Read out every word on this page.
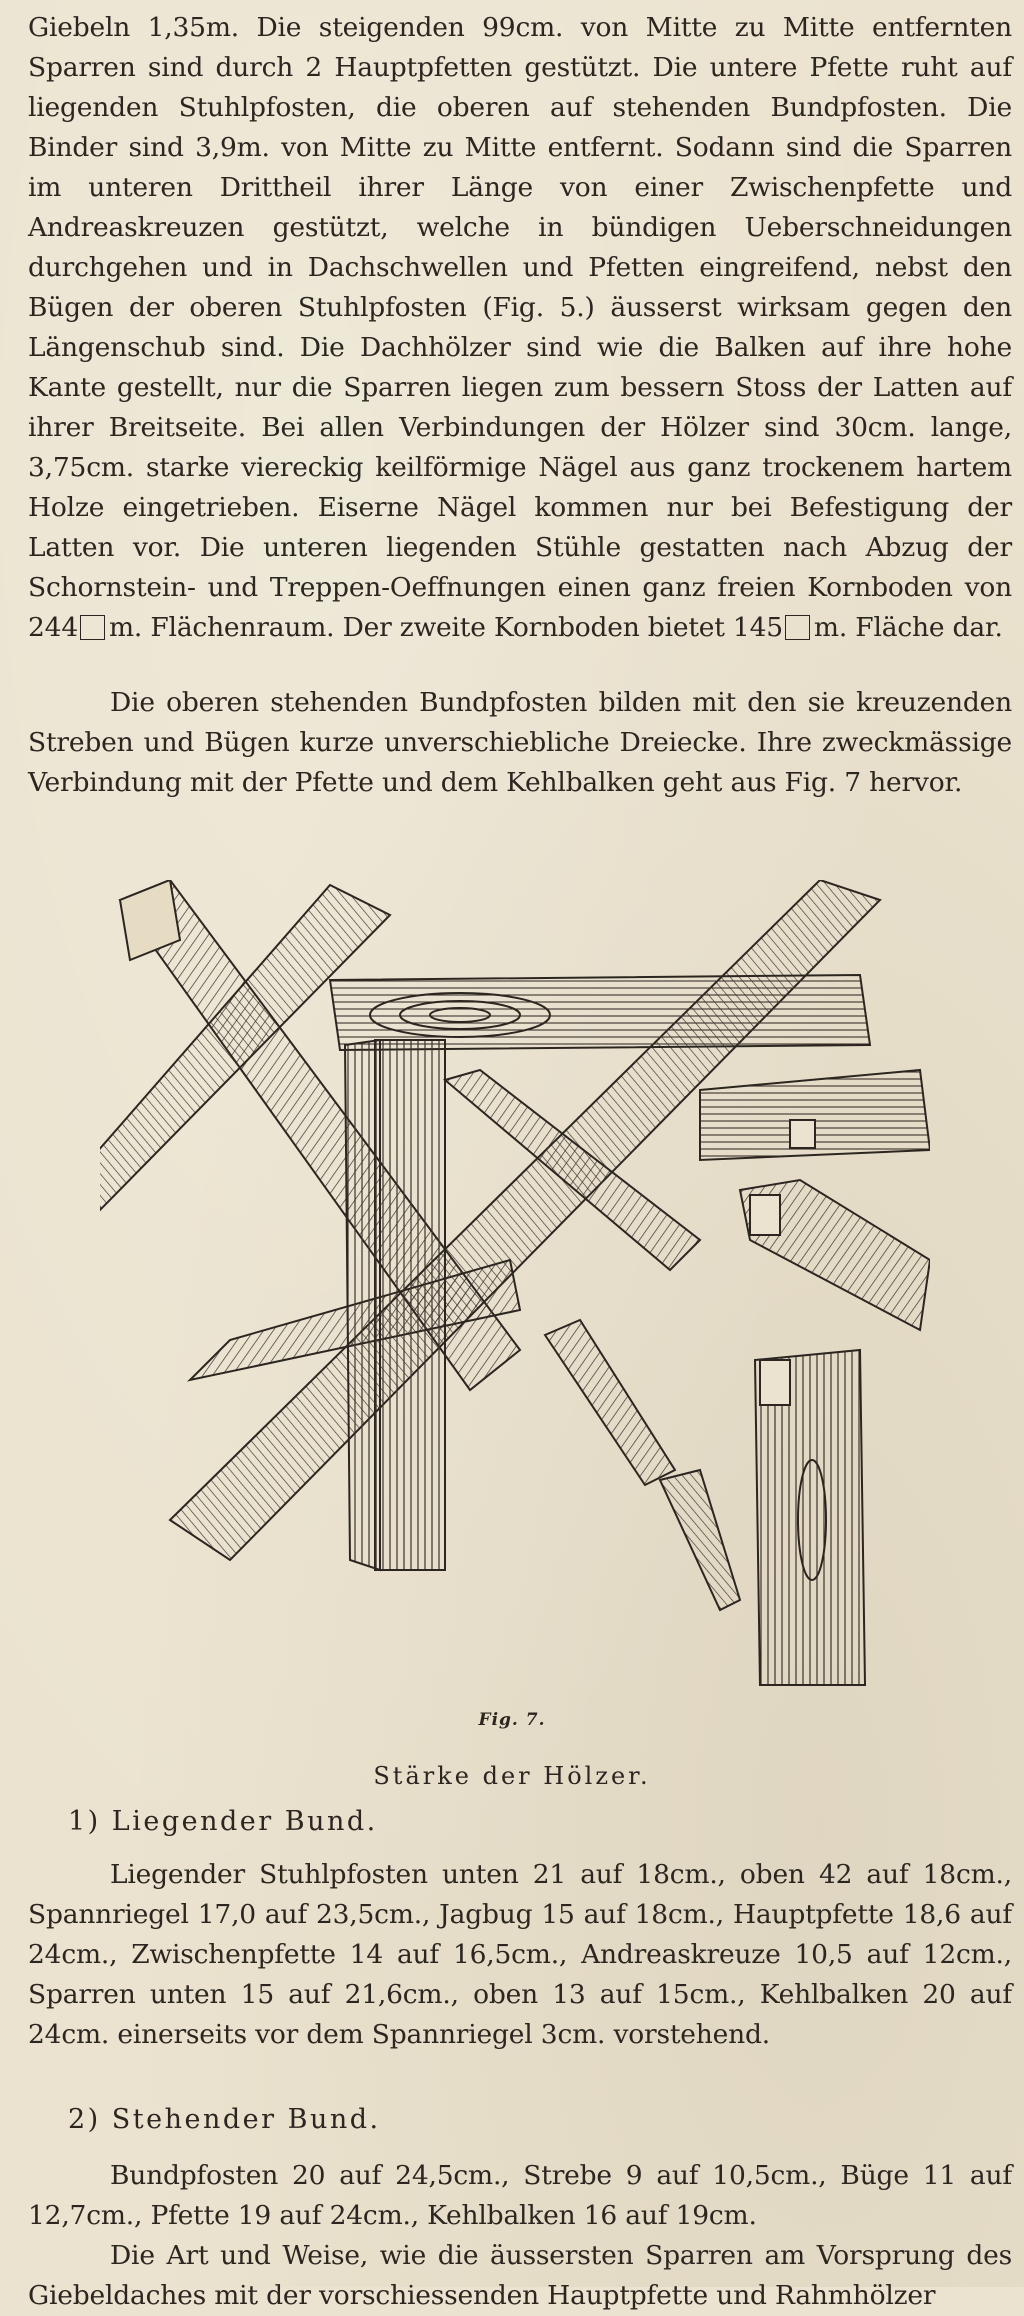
Giebeln 1,35m. Die steigenden 99cm. von Mitte zu Mitte entfernten Sparren sind durch 2 Hauptpfetten gestützt. Die untere Pfette ruht auf liegenden Stuhlpfosten, die oberen auf stehenden Bundpfosten. Die Binder sind 3,9m. von Mitte zu Mitte entfernt. Sodann sind die Sparren im unteren Drittheil ihrer Länge von einer Zwischenpfette und Andreaskreuzen gestützt, welche in bündigen Ueberschneidungen durchgehen und in Dachschwellen und Pfetten eingreifend, nebst den Bügen der oberen Stuhlpfosten (Fig. 5.) äusserst wirksam gegen den Längenschub sind. Die Dachhölzer sind wie die Balken auf ihre hohe Kante gestellt, nur die Sparren liegen zum bessern Stoss der Latten auf ihrer Breitseite. Bei allen Verbindungen der Hölzer sind 30cm. lange, 3,75cm. starke viereckig keilförmige Nägel aus ganz trockenem hartem Holze eingetrieben. Eiserne Nägel kommen nur bei Befestigung der Latten vor. Die unteren liegenden Stühle gestatten nach Abzug der Schornstein- und Treppen-Oeffnungen einen ganz freien Kornboden von 244 m. Flächenraum. Der zweite Kornboden bietet 145 m. Fläche dar.

Die oberen stehenden Bundpfosten bilden mit den sie kreuzenden Streben und Bügen kurze unverschiebliche Dreiecke. Ihre zweckmässige Verbindung mit der Pfette und dem Kehlbalken geht aus Fig. 7 hervor.

Fig. 7.
Stärke der Hölzer.
1) Liegender Bund.

Liegender Stuhlpfosten unten 21 auf 18cm., oben 42 auf 18cm., Spannriegel 17,0 auf 23,5cm., Jagbug 15 auf 18cm., Hauptpfette 18,6 auf 24cm., Zwischenpfette 14 auf 16,5cm., Andreaskreuze 10,5 auf 12cm., Sparren unten 15 auf 21,6cm., oben 13 auf 15cm., Kehlbalken 20 auf 24cm. einerseits vor dem Spannriegel 3cm. vorstehend.

2) Stehender Bund.

Bundpfosten 20 auf 24,5cm., Strebe 9 auf 10,5cm., Büge 11 auf 12,7cm., Pfette 19 auf 24cm., Kehlbalken 16 auf 19cm.

Die Art und Weise, wie die äussersten Sparren am Vorsprung des Giebeldaches mit der vorschiessenden Hauptpfette und Rahmhölzer
